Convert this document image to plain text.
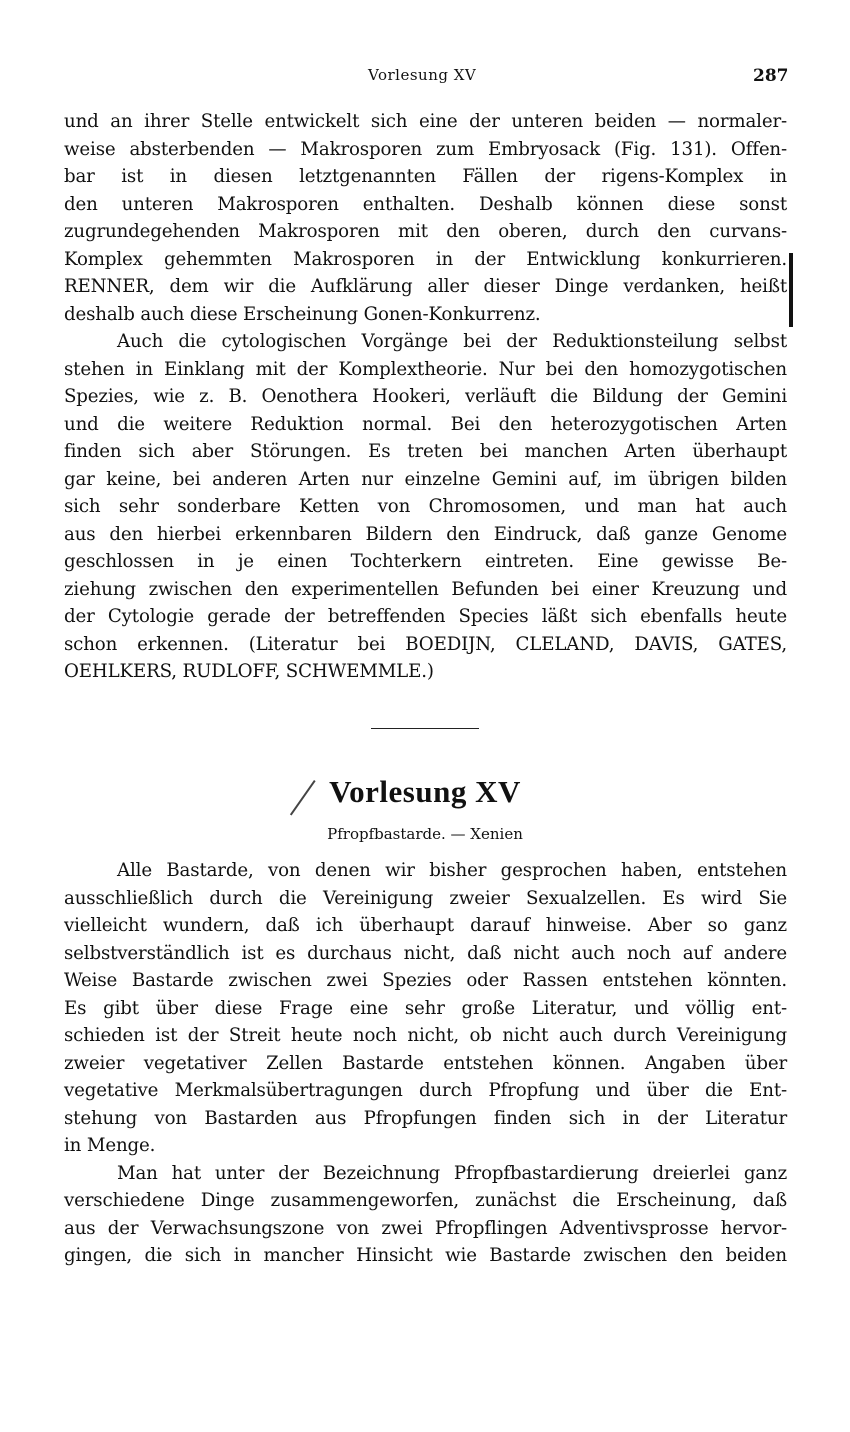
Vorlesung XV	287
und an ihrer Stelle entwickelt sich eine der unteren beiden — normaler-
weise absterbenden — Makrosporen zum Embryosack (Fig. 131). Offen-
bar ist in diesen letztgenannten Fällen der rigens-Komplex in
den unteren Makrosporen enthalten. Deshalb können diese sonst
zugrundegehenden Makrosporen mit den oberen, durch den curvans-
Komplex gehemmten Makrosporen in der Entwicklung konkurrieren.
RENNER, dem wir die Aufklärung aller dieser Dinge verdanken, heißt
deshalb auch diese Erscheinung Gonen-Konkurrenz.
Auch die cytologischen Vorgänge bei der Reduktionsteilung selbst
stehen in Einklang mit der Komplextheorie. Nur bei den homozygotischen
Spezies, wie z. B. Oenothera Hookeri, verläuft die Bildung der Gemini
und die weitere Reduktion normal. Bei den heterozygotischen Arten
finden sich aber Störungen. Es treten bei manchen Arten überhaupt
gar keine, bei anderen Arten nur einzelne Gemini auf, im übrigen bilden
sich sehr sonderbare Ketten von Chromosomen, und man hat auch
aus den hierbei erkennbaren Bildern den Eindruck, daß ganze Genome
geschlossen in je einen Tochterkern eintreten. Eine gewisse Be-
ziehung zwischen den experimentellen Befunden bei einer Kreuzung und
der Cytologie gerade der betreffenden Species läßt sich ebenfalls heute
schon erkennen. (Literatur bei BOEDIJN, CLELAND, DAVIS, GATES,
OEHLKERS, RUDLOFF, SCHWEMMLE.)
Vorlesung XV
Pfropfbastarde. — Xenien
Alle Bastarde, von denen wir bisher gesprochen haben, entstehen
ausschließlich durch die Vereinigung zweier Sexualzellen. Es wird Sie
vielleicht wundern, daß ich überhaupt darauf hinweise. Aber so ganz
selbstverständlich ist es durchaus nicht, daß nicht auch noch auf andere
Weise Bastarde zwischen zwei Spezies oder Rassen entstehen könnten.
Es gibt über diese Frage eine sehr große Literatur, und völlig ent-
schieden ist der Streit heute noch nicht, ob nicht auch durch Vereinigung
zweier vegetativer Zellen Bastarde entstehen können. Angaben über
vegetative Merkmalsübertragungen durch Pfropfung und über die Ent-
stehung von Bastarden aus Pfropfungen finden sich in der Literatur
in Menge.
Man hat unter der Bezeichnung Pfropfbastardierung dreierlei ganz
verschiedene Dinge zusammengeworfen, zunächst die Erscheinung, daß
aus der Verwachsungszone von zwei Pfropflingen Adventivsprosse hervor-
gingen, die sich in mancher Hinsicht wie Bastarde zwischen den beiden
